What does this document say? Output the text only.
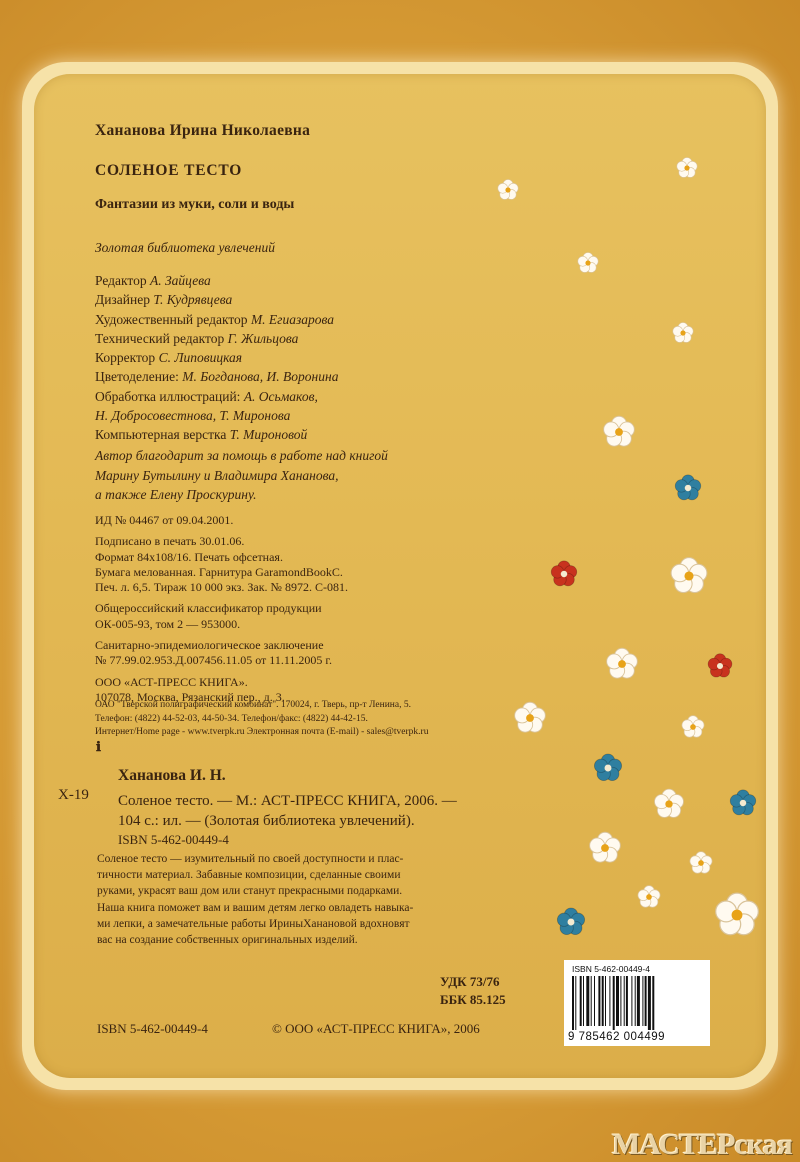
Хананова Ирина Николаевна
СОЛЕНОЕ ТЕСТО
Фантазии из муки, соли и воды
Золотая библиотека увлечений
Редактор А. Зайцева
Дизайнер Т. Кудрявцева
Художественный редактор М. Егиазарова
Технический редактор Г. Жильцова
Корректор С. Липовицкая
Цветоделение: М. Богданова, И. Воронина
Обработка иллюстраций: А. Осьмаков,
Н. Добросовестнова, Т. Миронова
Компьютерная верстка Т. Мироновой
Автор благодарит за помощь в работе над книгой
Марину Бутылину и Владимира Хананова,
а также Елену Проскурину.
ИД № 04467 от 09.04.2001.
Подписано в печать 30.01.06.
Формат 84х108/16. Печать офсетная.
Бумага мелованная. Гарнитура GaramondBookC.
Печ. л. 6,5. Тираж 10 000 экз. Зак. № 8972. С-081.
Общероссийский классификатор продукции
ОК-005-93, том 2 — 953000.
Санитарно-эпидемиологическое заключение
№ 77.99.02.953.Д.007456.11.05 от 11.11.2005 г.
ООО «АСТ-ПРЕСС КНИГА».
107078, Москва, Рязанский пер., д. 3.
ОАО "Тверской полиграфический комбинат". 170024, г. Тверь, пр-т Ленина, 5.
Телефон: (4822) 44-52-03, 44-50-34. Телефон/факс: (4822) 44-42-15.
Интернет/Home page - www.tverpk.ru Электронная почта (E-mail) - sales@tverpk.ru
ℹ
Хананова И. Н.
Х-19 Соленое тесто. — М.: АСТ-ПРЕСС КНИГА, 2006. —
104 с.: ил. — (Золотая библиотека увлечений).
ISBN 5-462-00449-4
Соленое тесто — изумительный по своей доступности и плас-
тичности материал. Забавные композиции, сделанные своими
руками, украсят ваш дом или станут прекрасными подарками.
Наша книга поможет вам и вашим детям легко овладеть навыка-
ми лепки, а замечательные работы ИриныХанановой вдохновят
вас на создание собственных оригинальных изделий.
УДК 73/76
ББК 85.125
ISBN 5-462-00449-4	© ООО «АСТ-ПРЕСС КНИГА», 2006
ISBN 5-462-00449-4
9 785462 004499
МАСТЕРская
